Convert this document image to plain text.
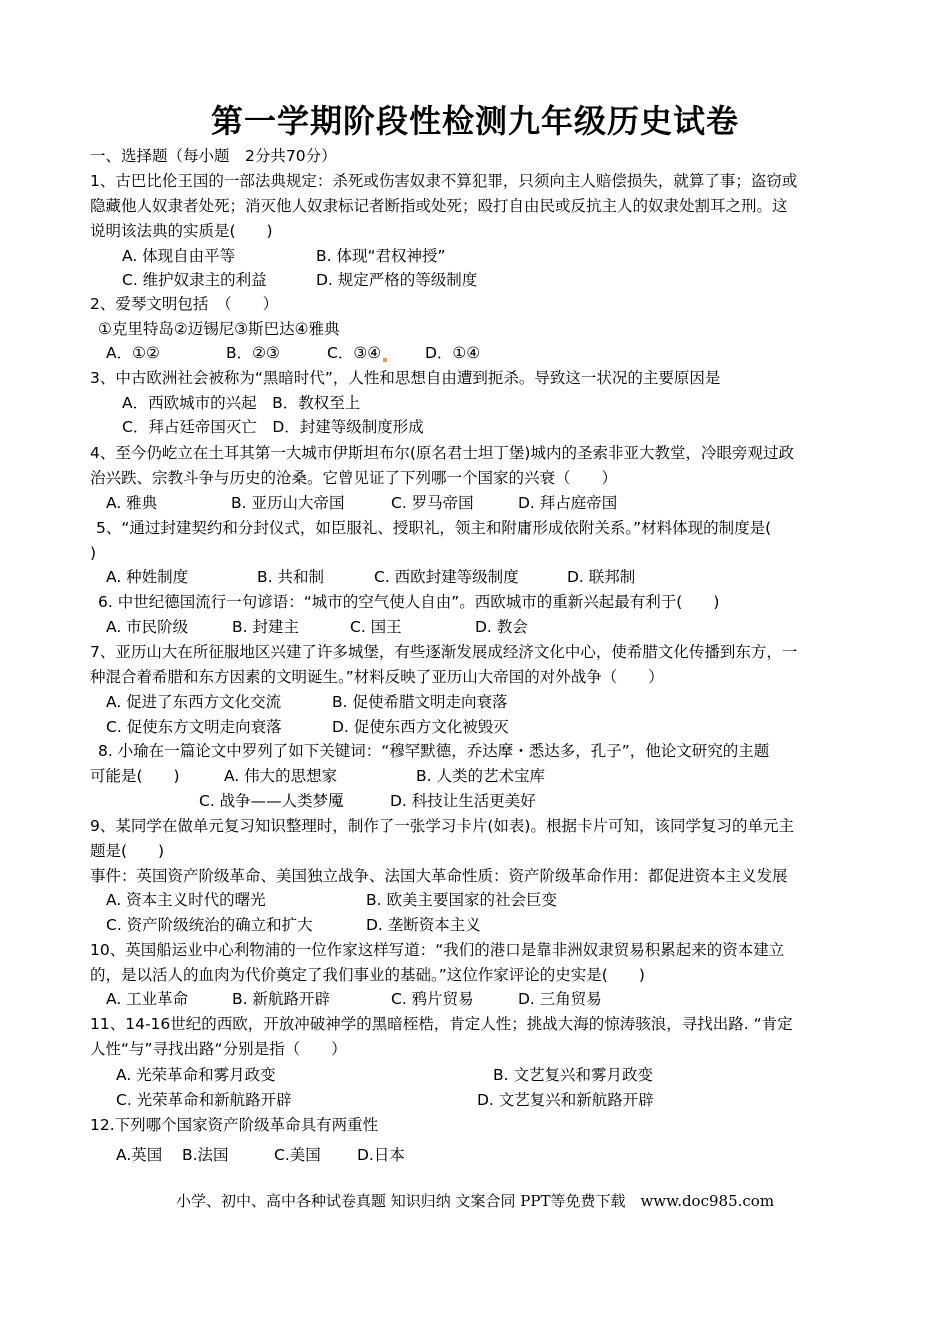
第一学期阶段性检测九年级历史试卷
一、选择题（每小题　2分共70分）
1、古巴比伦王国的一部法典规定：杀死或伤害奴隶不算犯罪，只须向主人赔偿损失，就算了事；盗窃或
隐藏他人奴隶者处死；消灭他人奴隶标记者断指或处死；殴打自由民或反抗主人的奴隶处割耳之刑。这
说明该法典的实质是(　　)
A. 体现自由平等	B. 体现“君权神授”
C. 维护奴隶主的利益	D. 规定严格的等级制度
2、爱琴文明包括　（　　）
①克里特岛②迈锡尼③斯巴达④雅典
A．①②	B．②③	C．③④	D．①④
3、中古欧洲社会被称为“黑暗时代”，人性和思想自由遭到扼杀。导致这一状况的主要原因是
A．西欧城市的兴起　B．教权至上
C．拜占廷帝国灭亡　D．封建等级制度形成
4、至今仍屹立在土耳其第一大城市伊斯坦布尔(原名君士坦丁堡)城内的圣索非亚大教堂，冷眼旁观过政
治兴跌、宗教斗争与历史的沧桑。它曾见证了下列哪一个国家的兴衰（　　）
A. 雅典	B. 亚历山大帝国	C. 罗马帝国	D. 拜占庭帝国
5、“通过封建契约和分封仪式，如臣服礼、授职礼，领主和附庸形成依附关系。”材料体现的制度是(
)
A. 种姓制度	B. 共和制	C. 西欧封建等级制度	D. 联邦制
6. 中世纪德国流行一句谚语：“城市的空气使人自由”。西欧城市的重新兴起最有利于(　　)
A. 市民阶级	B. 封建主	C. 国王	D. 教会
7、亚历山大在所征服地区兴建了许多城堡，有些逐渐发展成经济文化中心，使希腊文化传播到东方，一
种混合着希腊和东方因素的文明诞生。”材料反映了亚历山大帝国的对外战争（　　）
A. 促进了东西方文化交流	B. 促使希腊文明走向衰落
C. 促使东方文明走向衰落	D. 促使东西方文化被毁灭
8. 小瑜在一篇论文中罗列了如下关键词：“穆罕默德，乔达摩・悉达多，孔子”，他论文研究的主题
可能是(　　)	A. 伟大的思想家	B. 人类的艺术宝库
C. 战争——人类梦魇	D. 科技让生活更美好
9、某同学在做单元复习知识整理时，制作了一张学习卡片(如表)。根据卡片可知，该同学复习的单元主
题是(　　)
事件：英国资产阶级革命、美国独立战争、法国大革命性质：资产阶级革命作用：都促进资本主义发展
A. 资本主义时代的曙光	B. 欧美主要国家的社会巨变
C. 资产阶级统治的确立和扩大	D. 垄断资本主义
10、英国船运业中心利物浦的一位作家这样写道：“我们的港口是靠非洲奴隶贸易积累起来的资本建立
的，是以活人的血肉为代价奠定了我们事业的基础。”这位作家评论的史实是(　　)
A. 工业革命	B. 新航路开辟	C. 鸦片贸易	D. 三角贸易
11、14-16世纪的西欧，开放冲破神学的黑暗桎梏，肯定人性；挑战大海的惊涛骇浪，寻找出路. “肯定
人性“与”寻找出路“分别是指（　　）
A. 光荣革命和雾月政变	B. 文艺复兴和雾月政变
C. 光荣革命和新航路开辟	D. 文艺复兴和新航路开辟
12.下列哪个国家资产阶级革命具有两重性
A.英国 B.法国	C.美国 D.日本
小学、初中、高中各种试卷真题 知识归纳 文案合同 PPT等免费下载　www.doc985.com
